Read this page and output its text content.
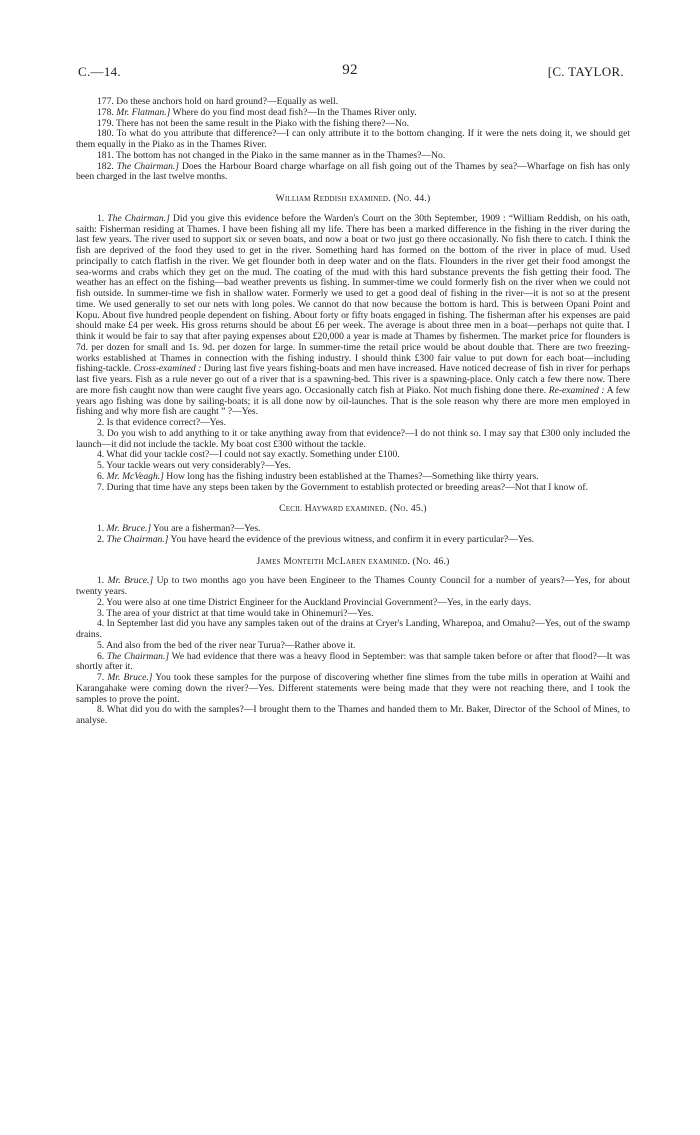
C.—14.	92	[C. TAYLOR.

177. Do these anchors hold on hard ground?—Equally as well.

178. Mr. Flatman.] Where do you find most dead fish?—In the Thames River only.

179. There has not been the same result in the Piako with the fishing there?—No.

180. To what do you attribute that difference?—I can only attribute it to the bottom changing. If it were the nets doing it, we should get them equally in the Piako as in the Thames River.

181. The bottom has not changed in the Piako in the same manner as in the Thames?—No.

182. The Chairman.] Does the Harbour Board charge wharfage on all fish going out of the Thames by sea?—Wharfage on fish has only been charged in the last twelve months.

William Reddish examined. (No. 44.)

1. The Chairman.] Did you give this evidence before the Warden's Court on the 30th September, 1909 : “William Reddish, on his oath, saith: Fisherman residing at Thames. I have been fishing all my life. There has been a marked difference in the fishing in the river during the last few years. The river used to support six or seven boats, and now a boat or two just go there occasionally. No fish there to catch. I think the fish are deprived of the food they used to get in the river. Something hard has formed on the bottom of the river in place of mud. Used principally to catch flatfish in the river. We get flounder both in deep water and on the flats. Flounders in the river get their food amongst the sea-worms and crabs which they get on the mud. The coating of the mud with this hard substance prevents the fish getting their food. The weather has an effect on the fishing—bad weather prevents us fishing. In summer-time we could formerly fish on the river when we could not fish outside. In summer-time we fish in shallow water. Formerly we used to get a good deal of fishing in the river—it is not so at the present time. We used generally to set our nets with long poles. We cannot do that now because the bottom is hard. This is between Opani Point and Kopu. About five hundred people dependent on fishing. About forty or fifty boats engaged in fishing. The fisherman after his expenses are paid should make £4 per week. His gross returns should be about £6 per week. The average is about three men in a boat—perhaps not quite that. I think it would be fair to say that after paying expenses about £20,000 a year is made at Thames by fishermen. The market price for flounders is 7d. per dozen for small and 1s. 9d. per dozen for large. In summer-time the retail price would be about double that. There are two freezing-works established at Thames in connection with the fishing industry. I should think £300 fair value to put down for each boat—including fishing-tackle. Cross-examined : During last five years fishing-boats and men have increased. Have noticed decrease of fish in river for perhaps last five years. Fish as a rule never go out of a river that is a spawning-bed. This river is a spawning-place. Only catch a few there now. There are more fish caught now than were caught five years ago. Occasionally catch fish at Piako. Not much fishing done there. Re-examined : A few years ago fishing was done by sailing-boats; it is all done now by oil-launches. That is the sole reason why there are more men employed in fishing and why more fish are caught ” ?—Yes.

2. Is that evidence correct?—Yes.

3. Do you wish to add anything to it or take anything away from that evidence?—I do not think so. I may say that £300 only included the launch—it did not include the tackle. My boat cost £300 without the tackle.

4. What did your tackle cost?—I could not say exactly. Something under £100.

5. Your tackle wears out very considerably?—Yes.

6. Mr. McVeagh.] How long has the fishing industry been established at the Thames?—Something like thirty years.

7. During that time have any steps been taken by the Government to establish protected or breeding areas?—Not that I know of.

Cecil Hayward examined. (No. 45.)

1. Mr. Bruce.] You are a fisherman?—Yes.

2. The Chairman.] You have heard the evidence of the previous witness, and confirm it in every particular?—Yes.

James Monteith McLaren examined. (No. 46.)

1. Mr. Bruce.] Up to two months ago you have been Engineer to the Thames County Council for a number of years?—Yes, for about twenty years.

2. You were also at one time District Engineer for the Auckland Provincial Government?—Yes, in the early days.

3. The area of your district at that time would take in Ohinemuri?—Yes.

4. In September last did you have any samples taken out of the drains at Cryer's Landing, Wharepoa, and Omahu?—Yes, out of the swamp drains.

5. And also from the bed of the river near Turua?—Rather above it.

6. The Chairman.] We had evidence that there was a heavy flood in September: was that sample taken before or after that flood?—It was shortly after it.

7. Mr. Bruce.] You took these samples for the purpose of discovering whether fine slimes from the tube mills in operation at Waihi and Karangahake were coming down the river?—Yes. Different statements were being made that they were not reaching there, and I took the samples to prove the point.

8. What did you do with the samples?—I brought them to the Thames and handed them to Mr. Baker, Director of the School of Mines, to analyse.
